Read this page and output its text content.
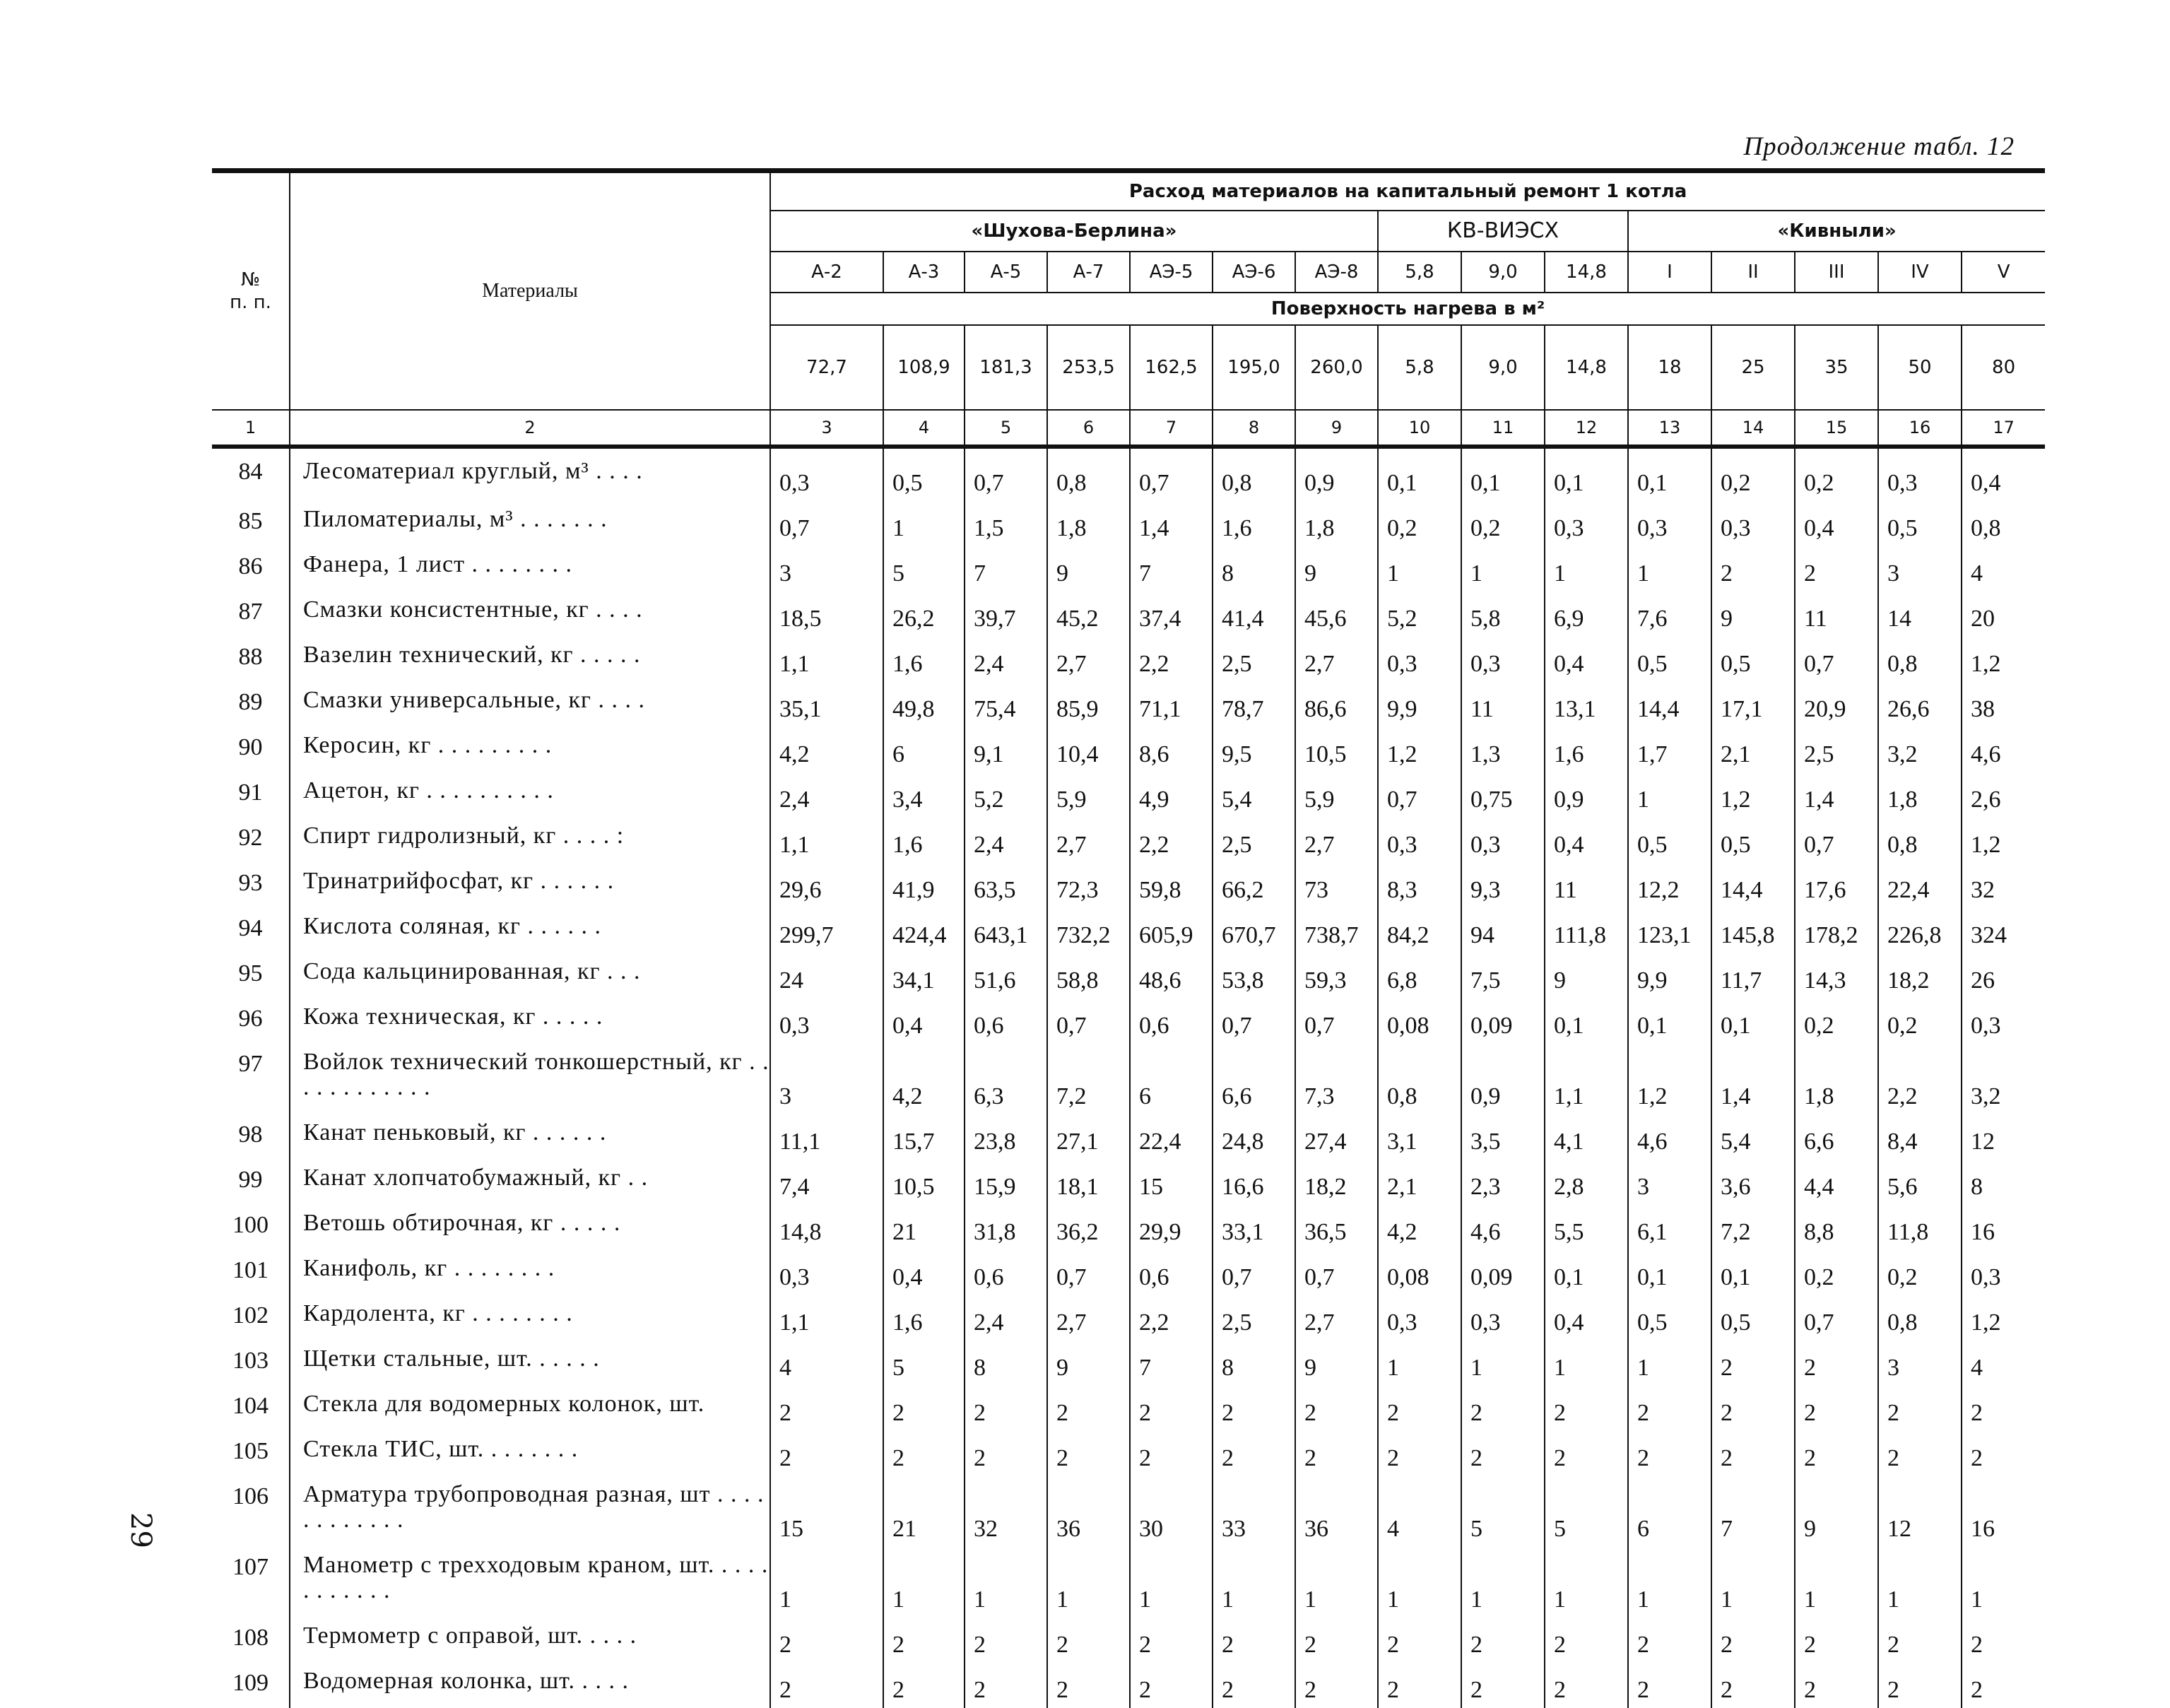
Продолжение табл. 12
29
№
п. п.	Материалы	Расход материалов на капитальный ремонт 1 котла														
		«Шухова-Берлина»							КВ-ВИЭСХ			«Кивныли»				
		А-2	А-3	А-5	А-7	АЭ-5	АЭ-6	АЭ-8	5,8	9,0	14,8	I	II	III	IV	V
		Поверхность нагрева в м²														
		72,7	108,9	181,3	253,5	162,5	195,0	260,0	5,8	9,0	14,8	18	25	35	50	80
1	2	3	4	5	6	7	8	9	10	11	12	13	14	15	16	17
84	Лесоматериал круглый, м³ . . . .	0,3	0,5	0,7	0,8	0,7	0,8	0,9	0,1	0,1	0,1	0,1	0,2	0,2	0,3	0,4
85	Пиломатериалы, м³ . . . . . . .	0,7	1	1,5	1,8	1,4	1,6	1,8	0,2	0,2	0,3	0,3	0,3	0,4	0,5	0,8
86	Фанера, 1 лист . . . . . . . .	3	5	7	9	7	8	9	1	1	1	1	2	2	3	4
87	Смазки консистентные, кг . . . .	18,5	26,2	39,7	45,2	37,4	41,4	45,6	5,2	5,8	6,9	7,6	9	11	14	20
88	Вазелин технический, кг . . . . .	1,1	1,6	2,4	2,7	2,2	2,5	2,7	0,3	0,3	0,4	0,5	0,5	0,7	0,8	1,2
89	Смазки универсальные, кг . . . .	35,1	49,8	75,4	85,9	71,1	78,7	86,6	9,9	11	13,1	14,4	17,1	20,9	26,6	38
90	Керосин, кг . . . . . . . . .	4,2	6	9,1	10,4	8,6	9,5	10,5	1,2	1,3	1,6	1,7	2,1	2,5	3,2	4,6
91	Ацетон, кг . . . . . . . . . .	2,4	3,4	5,2	5,9	4,9	5,4	5,9	0,7	0,75	0,9	1	1,2	1,4	1,8	2,6
92	Спирт гидролизный, кг . . . . :	1,1	1,6	2,4	2,7	2,2	2,5	2,7	0,3	0,3	0,4	0,5	0,5	0,7	0,8	1,2
93	Тринатрийфосфат, кг . . . . . .	29,6	41,9	63,5	72,3	59,8	66,2	73	8,3	9,3	11	12,2	14,4	17,6	22,4	32
94	Кислота соляная, кг . . . . . .	299,7	424,4	643,1	732,2	605,9	670,7	738,7	84,2	94	111,8	123,1	145,8	178,2	226,8	324
95	Сода кальцинированная, кг . . .	24	34,1	51,6	58,8	48,6	53,8	59,3	6,8	7,5	9	9,9	11,7	14,3	18,2	26
96	Кожа техническая, кг . . . . .	0,3	0,4	0,6	0,7	0,6	0,7	0,7	0,08	0,09	0,1	0,1	0,1	0,2	0,2	0,3
97	Войлок технический тонкошерстный, кг . . . . . . . . . . . .	3	4,2	6,3	7,2	6	6,6	7,3	0,8	0,9	1,1	1,2	1,4	1,8	2,2	3,2
98	Канат пеньковый, кг . . . . . .	11,1	15,7	23,8	27,1	22,4	24,8	27,4	3,1	3,5	4,1	4,6	5,4	6,6	8,4	12
99	Канат хлопчатобумажный, кг . .	7,4	10,5	15,9	18,1	15	16,6	18,2	2,1	2,3	2,8	3	3,6	4,4	5,6	8
100	Ветошь обтирочная, кг . . . . .	14,8	21	31,8	36,2	29,9	33,1	36,5	4,2	4,6	5,5	6,1	7,2	8,8	11,8	16
101	Канифоль, кг . . . . . . . .	0,3	0,4	0,6	0,7	0,6	0,7	0,7	0,08	0,09	0,1	0,1	0,1	0,2	0,2	0,3
102	Кардолента, кг . . . . . . . .	1,1	1,6	2,4	2,7	2,2	2,5	2,7	0,3	0,3	0,4	0,5	0,5	0,7	0,8	1,2
103	Щетки стальные, шт. . . . . .	4	5	8	9	7	8	9	1	1	1	1	2	2	3	4
104	Стекла для водомерных колонок, шт.	2	2	2	2	2	2	2	2	2	2	2	2	2	2	2
105	Стекла ТИС, шт. . . . . . . .	2	2	2	2	2	2	2	2	2	2	2	2	2	2	2
106	Арматура трубопроводная разная, шт . . . . . . . . . . . .	15	21	32	36	30	33	36	4	5	5	6	7	9	12	16
107	Манометр с трехходовым краном, шт. . . . . . . . . . . .	1	1	1	1	1	1	1	1	1	1	1	1	1	1	1
108	Термометр с оправой, шт. . . . .	2	2	2	2	2	2	2	2	2	2	2	2	2	2	2
109	Водомерная колонка, шт. . . . .	2	2	2	2	2	2	2	2	2	2	2	2	2	2	2
